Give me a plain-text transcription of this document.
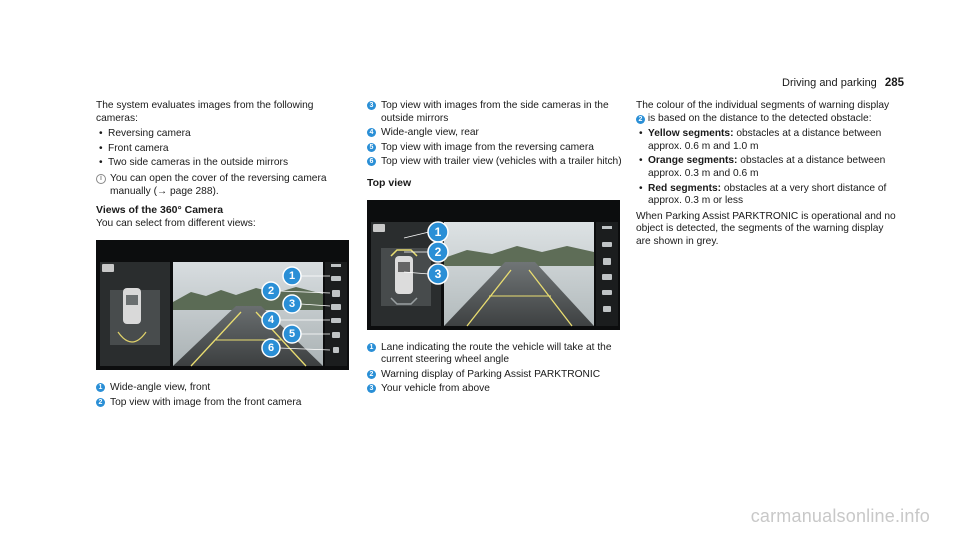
Driving and parking 285

The system evaluates images from the following cameras:

• Reversing camera
• Front camera
• Two side cameras in the outside mirrors
i You can open the cover of the reversing camera manually (→ page 288).
Views of the 360° Camera

You can select from different views:

1
2
3
4
5
6
1 Wide-angle view, front
2 Top view with image from the front camera
3 Top view with images from the side cameras in the outside mirrors
4 Wide-angle view, rear
5 Top view with image from the reversing camera
6 Top view with trailer view (vehicles with a trailer hitch)
Top view
1
2
3
1 Lane indicating the route the vehicle will take at the current steering wheel angle
2 Warning display of Parking Assist PARKTRONIC
3 Your vehicle from above

The colour of the individual segments of warning display 2 is based on the distance to the detected obstacle:

• Yellow segments: obstacles at a distance between approx. 0.6 m and 1.0 m
• Orange segments: obstacles at a distance between approx. 0.3 m and 0.6 m
• Red segments: obstacles at a very short distance of approx. 0.3 m or less

When Parking Assist PARKTRONIC is operational and no object is detected, the segments of the warning display are shown in grey.

carmanualsonline.info
